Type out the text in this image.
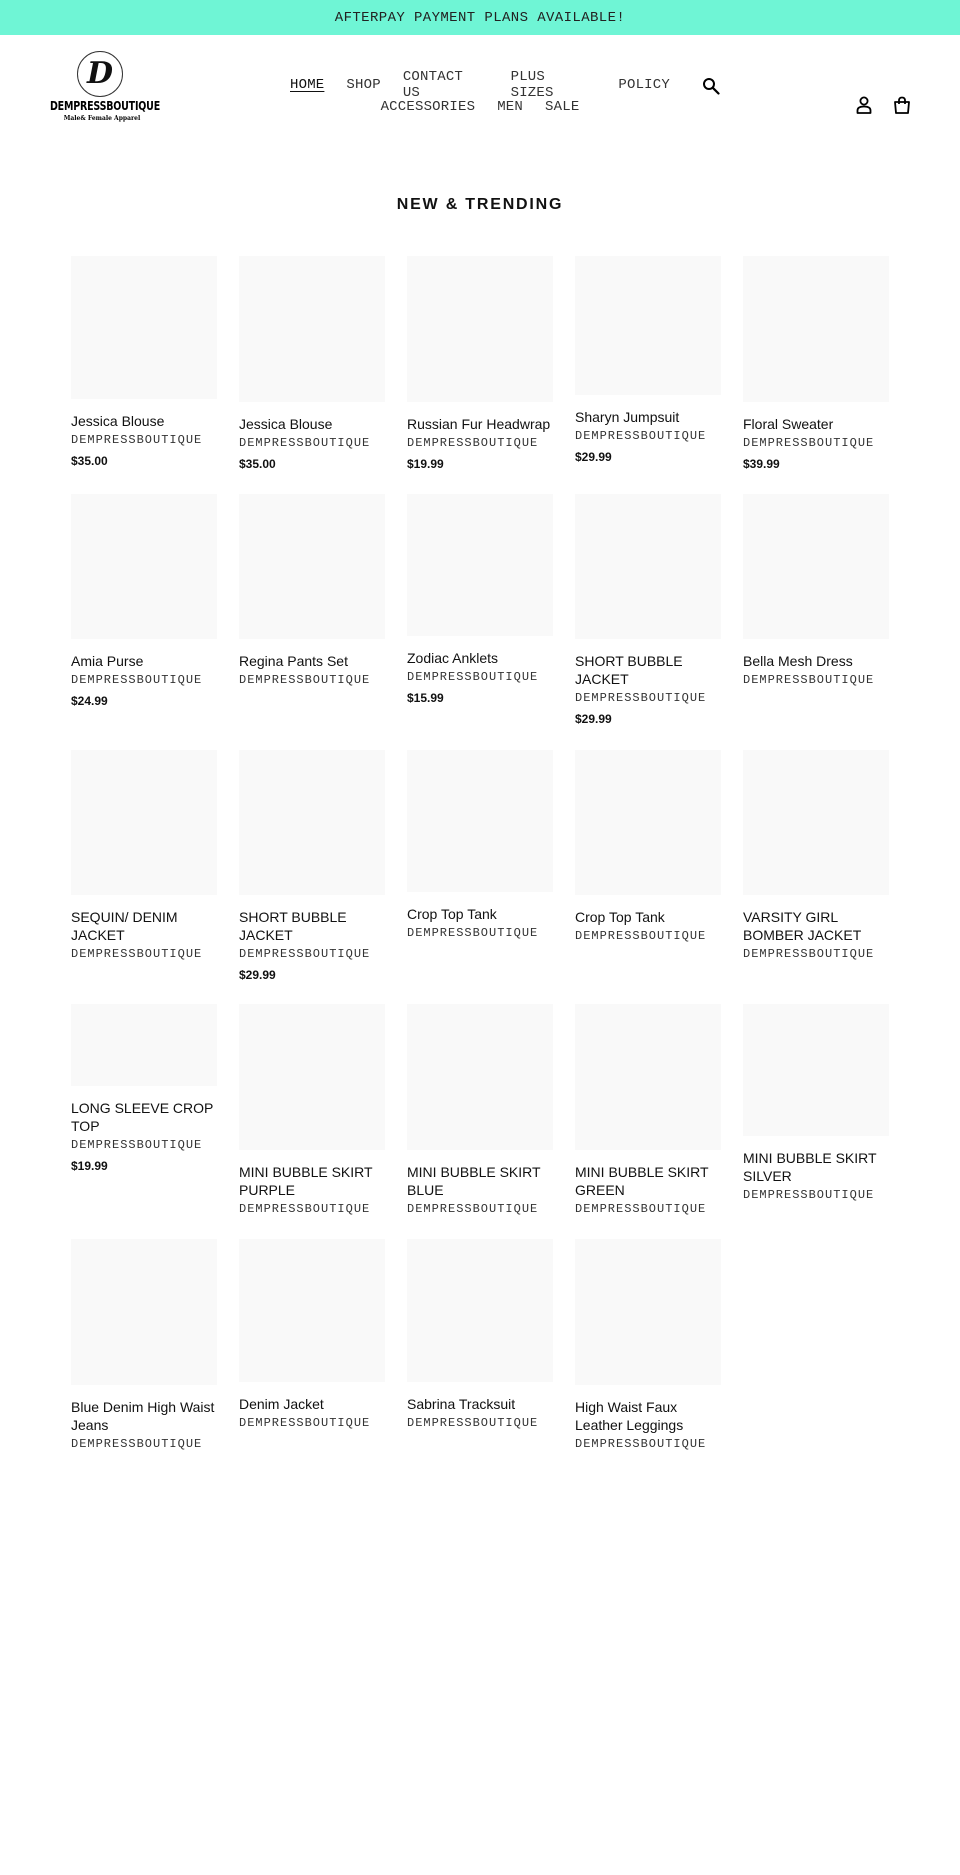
AFTERPAY PAYMENT PLANS AVAILABLE!
D
DEMPRESSBOUTIQUE
Male& Female Apparel
HOME SHOP CONTACT US
PLUS SIZES	POLICY
ACCESSORIES MEN SALE
NEW & TRENDING
Jessica Blouse
DEMPRESSBOUTIQUE
$35.00
Jessica Blouse
DEMPRESSBOUTIQUE
$35.00
Russian Fur Headwrap
DEMPRESSBOUTIQUE
$19.99
Sharyn Jumpsuit
DEMPRESSBOUTIQUE
$29.99
Floral Sweater
DEMPRESSBOUTIQUE
$39.99
Amia Purse
DEMPRESSBOUTIQUE
$24.99
Regina Pants Set
DEMPRESSBOUTIQUE
Zodiac Anklets
DEMPRESSBOUTIQUE
$15.99
SHORT BUBBLE JACKET
DEMPRESSBOUTIQUE
$29.99
Bella Mesh Dress
DEMPRESSBOUTIQUE
SEQUIN/ DENIM JACKET
DEMPRESSBOUTIQUE
SHORT BUBBLE JACKET
DEMPRESSBOUTIQUE
$29.99
Crop Top Tank
DEMPRESSBOUTIQUE
Crop Top Tank
DEMPRESSBOUTIQUE
VARSITY GIRL BOMBER JACKET
DEMPRESSBOUTIQUE
LONG SLEEVE CROP TOP
DEMPRESSBOUTIQUE
$19.99	MINI BUBBLE SKIRT PURPLE
DEMPRESSBOUTIQUE
MINI BUBBLE SKIRT BLUE
DEMPRESSBOUTIQUE
MINI BUBBLE SKIRT GREEN
DEMPRESSBOUTIQUE
MINI BUBBLE SKIRT SILVER
DEMPRESSBOUTIQUE
Blue Denim High Waist Jeans
DEMPRESSBOUTIQUE
Denim Jacket
DEMPRESSBOUTIQUE
Sabrina Tracksuit
DEMPRESSBOUTIQUE
High Waist Faux Leather Leggings
DEMPRESSBOUTIQUE
